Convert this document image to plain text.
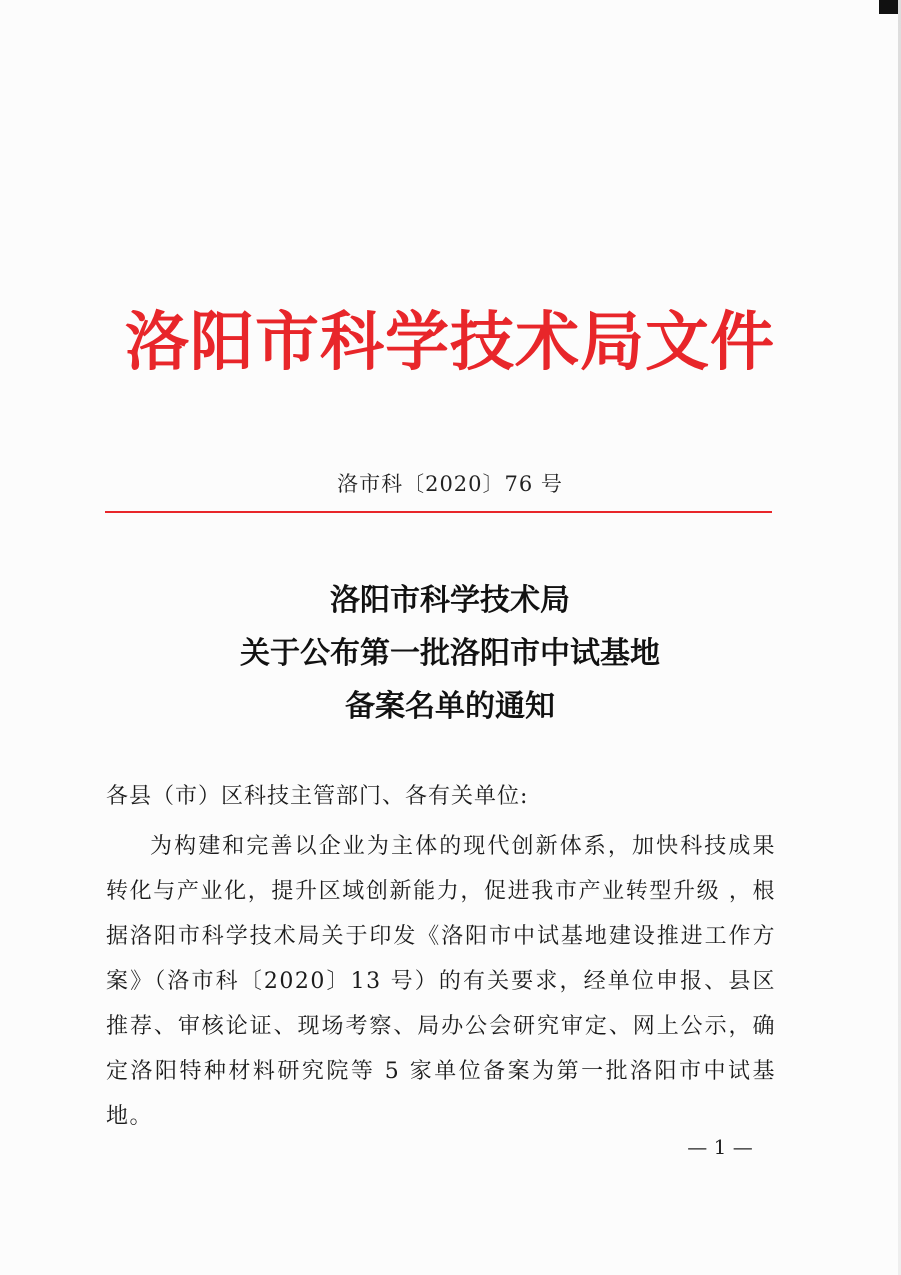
洛阳市科学技术局文件
洛市科〔2020〕76 号
洛阳市科学技术局
关于公布第一批洛阳市中试基地
备案名单的通知
各县（市）区科技主管部门、各有关单位:
为构建和完善以企业为主体的现代创新体系，加快科技成果转化与产业化，提升区域创新能力，促进我市产业转型升级 ，根据洛阳市科学技术局关于印发《洛阳市中试基地建设推进工作方案》（洛市科〔2020〕13 号）的有关要求，经单位申报、县区推荐、审核论证、现场考察、局办公会研究审定、网上公示，确定洛阳特种材料研究院等 5 家单位备案为第一批洛阳市中试基地。
— 1 —
